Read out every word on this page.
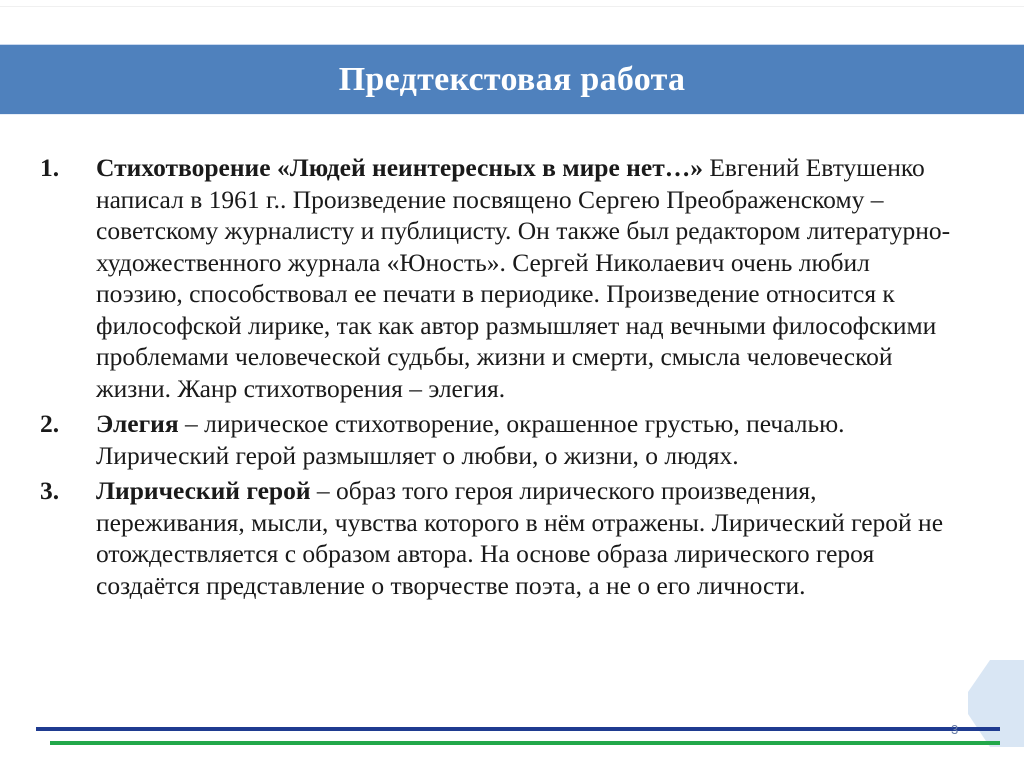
Предтекстовая работа
1. Стихотворение «Людей неинтересных в мире нет…» Евгений Евтушенко написал в 1961 г.. Произведение посвящено Сергею Преображенскому – советскому журналисту и публицисту. Он также был редактором литературно-художественного журнала «Юность». Сергей Николаевич очень любил поэзию, способствовал ее печати в периодике. Произведение относится к философской лирике, так как автор размышляет над вечными философскими проблемами человеческой судьбы, жизни и смерти, смысла человеческой жизни. Жанр стихотворения – элегия.
2. Элегия – лирическое стихотворение, окрашенное грустью, печалью. Лирический герой размышляет о любви, о жизни, о людях.
3. Лирический герой – образ того героя лирического произведения, переживания, мысли, чувства которого в нём отражены. Лирический герой не отождествляется с образом автора. На основе образа лирического героя создаётся представление о творчестве поэта, а не о его личности.
3
